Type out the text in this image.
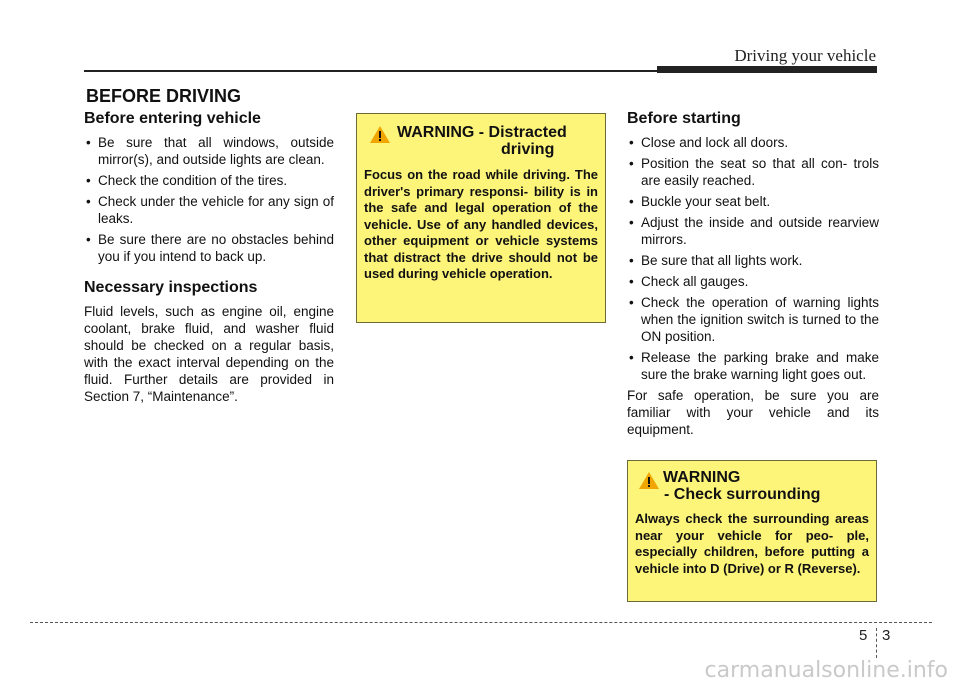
Driving your vehicle
BEFORE DRIVING
Before entering vehicle
• Be sure that all windows, outside mirror(s), and outside lights are clean.
• Check the condition of the tires.
• Check under the vehicle for any sign of leaks.
• Be sure there are no obstacles behind you if you intend to back up.
Necessary inspections

Fluid levels, such as engine oil, engine coolant, brake fluid, and washer fluid should be checked on a regular basis, with the exact interval depending on the fluid. Further details are provided in Section 7, “Maintenance”.

WARNING - Distracted
driving

Focus on the road while driving. The driver's primary responsi- bility is in the safe and legal operation of the vehicle. Use of any handled devices, other equipment or vehicle systems that distract the drive should not be used during vehicle operation.

Before starting
• Close and lock all doors.
• Position the seat so that all con- trols are easily reached.
• Buckle your seat belt.
• Adjust the inside and outside rearview mirrors.
• Be sure that all lights work.
• Check all gauges.
• Check the operation of warning lights when the ignition switch is turned to the ON position.
• Release the parking brake and make sure the brake warning light goes out.

For safe operation, be sure you are familiar with your vehicle and its equipment.

WARNING
- Check surrounding

Always check the surrounding areas near your vehicle for peo- ple, especially children, before putting a vehicle into D (Drive) or R (Reverse).

5 3
carmanualsonline.info
